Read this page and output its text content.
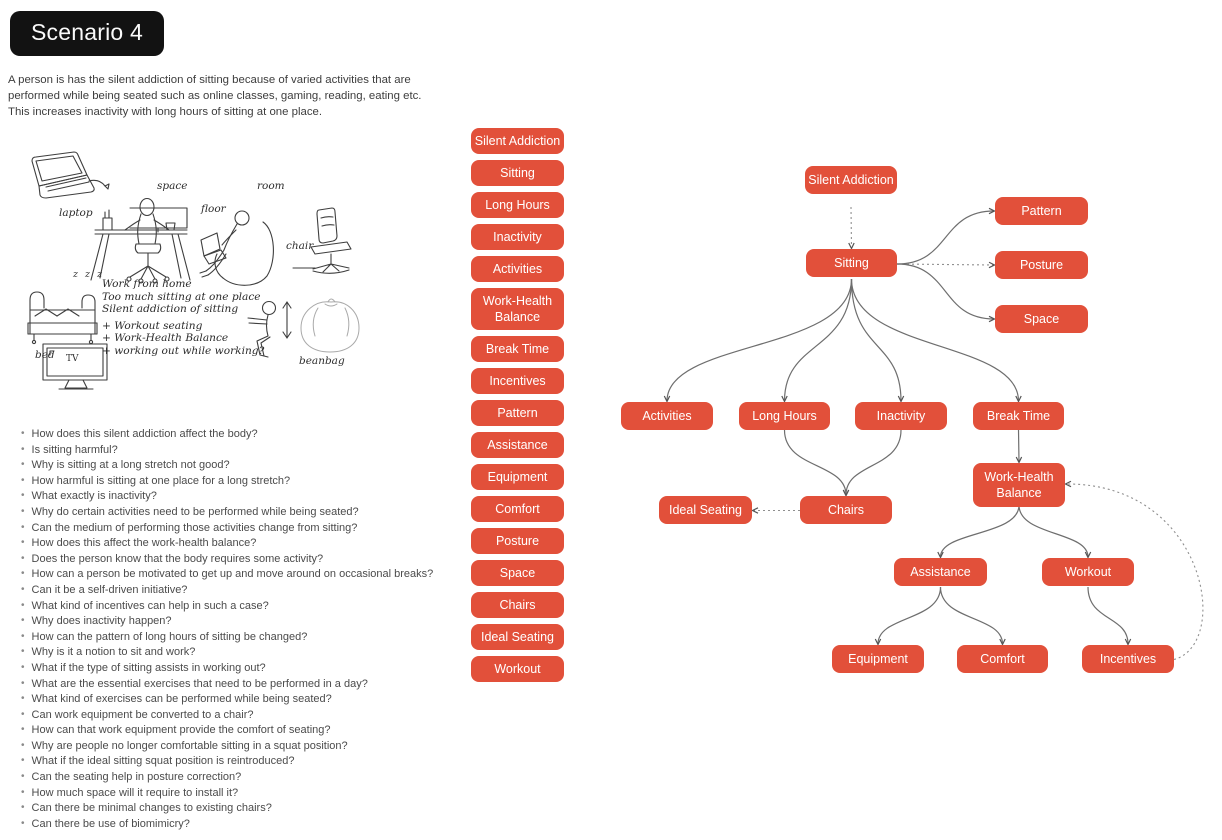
Scenario 4
A person is has the silent addiction of sitting because of varied activities that are
performed while being seated such as online classes, gaming, reading, eating etc.
This increases inactivity with long hours of sitting at one place.
laptop
space	room
floor
z z z
bed TV
chair
beanbag
Work from home
Too much sitting at one place
Silent addiction of sitting
+ Workout seating
+ Work-Health Balance
+ working out while working?
• How does this silent addiction affect the body?
• Is sitting harmful?
• Why is sitting at a long stretch not good?
• How harmful is sitting at one place for a long stretch?
• What exactly is inactivity?
• Why do certain activities need to be performed while being seated?
• Can the medium of performing those activities change from sitting?
• How does this affect the work-health balance?
• Does the person know that the body requires some activity?
• How can a person be motivated to get up and move around on occasional breaks?
• Can it be a self-driven initiative?
• What kind of incentives can help in such a case?
• Why does inactivity happen?
• How can the pattern of long hours of sitting be changed?
• Why is it a notion to sit and work?
• What if the type of sitting assists in working out?
• What are the essential exercises that need to be performed in a day?
• What kind of exercises can be performed while being seated?
• Can work equipment be converted to a chair?
• How can that work equipment provide the comfort of seating?
• Why are people no longer comfortable sitting in a squat position?
• What if the ideal sitting squat position is reintroduced?
• Can the seating help in posture correction?
• How much space will it require to install it?
• Can there be minimal changes to existing chairs?
• Can there be use of biomimicry?
Silent Addiction
Sitting
Long Hours
Inactivity
Activities
Work-Health Balance
Break Time
Incentives
Pattern
Assistance
Equipment
Comfort
Posture
Space
Chairs
Ideal Seating
Workout
Silent Addiction
Sitting
Pattern
Posture
Space
Activities	Long Hours	Inactivity	Break Time
Work-Health Balance
Ideal Seating	Chairs
Assistance	Workout
Equipment	Comfort	Incentives
